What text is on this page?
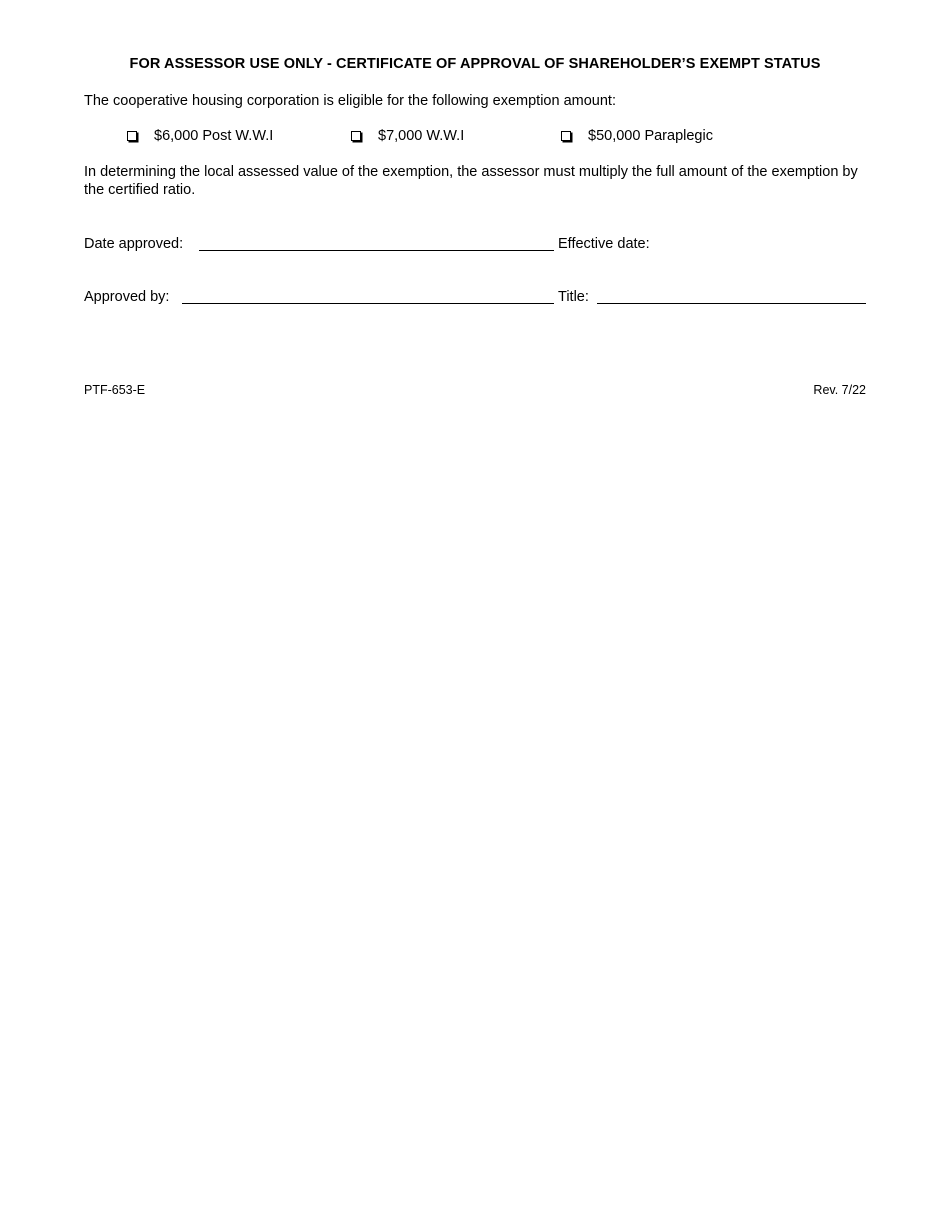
FOR ASSESSOR USE ONLY - CERTIFICATE OF APPROVAL OF SHAREHOLDER’S EXEMPT STATUS
The cooperative housing corporation is eligible for the following exemption amount:
$6,000 Post W.W.I	$7,000 W.W.I	$50,000 Paraplegic
In determining the local assessed value of the exemption, the assessor must multiply the full amount of the exemption by the certified ratio.
Date approved:	Effective date:
Approved by:	Title:
PTF-653-E	Rev. 7/22
